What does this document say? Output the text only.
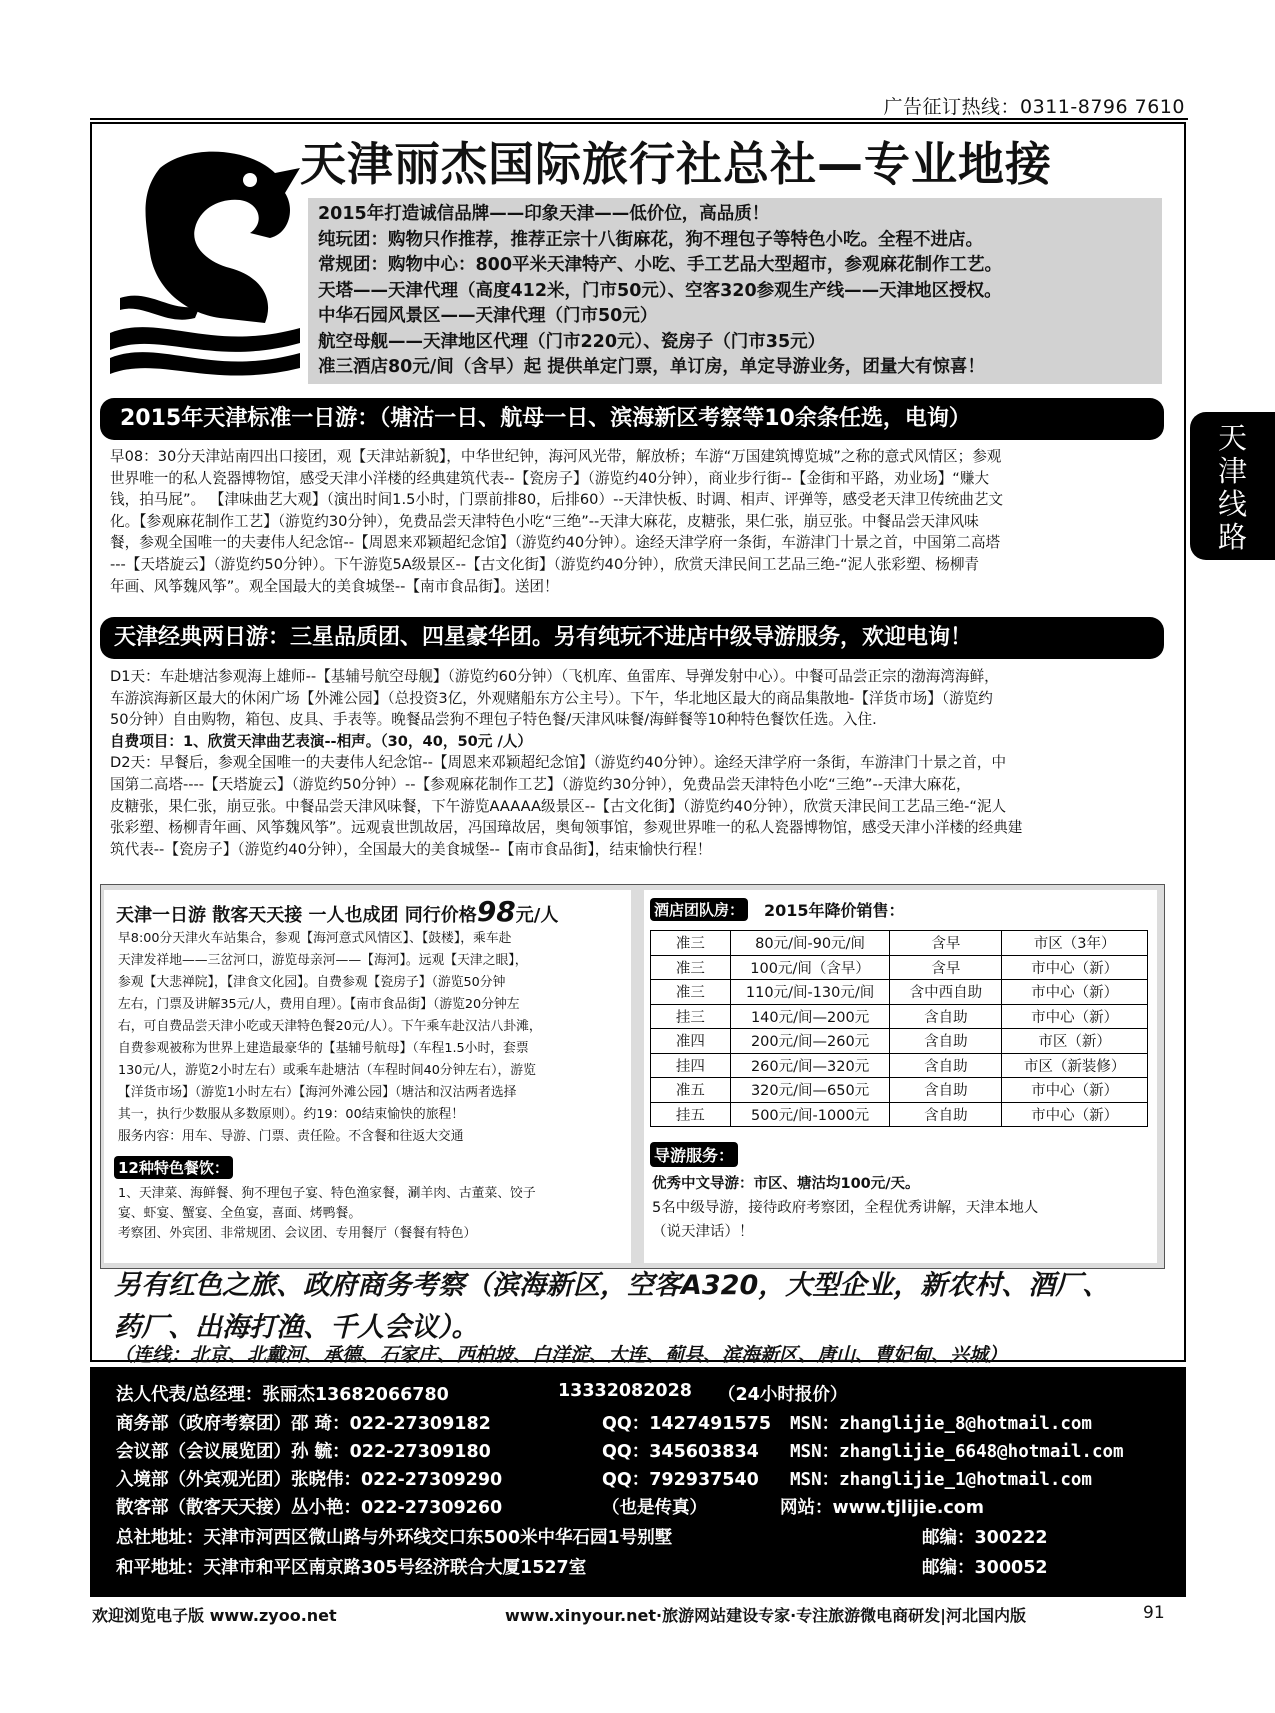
广告征订热线：0311-8796 7610
天津丽杰国际旅行社总社—专业地接
2015年打造诚信品牌——印象天津——低价位，高品质！
纯玩团：购物只作推荐，推荐正宗十八街麻花，狗不理包子等特色小吃。全程不进店。
常规团：购物中心：800平米天津特产、小吃、手工艺品大型超市，参观麻花制作工艺。
天塔——天津代理（高度412米，门市50元）、空客320参观生产线——天津地区授权。
中华石园风景区——天津代理（门市50元）
航空母舰——天津地区代理（门市220元）、瓷房子（门市35元）
准三酒店80元/间（含早）起 提供单定门票，单订房，单定导游业务，团量大有惊喜！
天津线路
2015年天津标准一日游：（塘沽一日、航母一日、滨海新区考察等10余条任选，电询）
早08：30分天津站南四出口接团，观【天津站新貌】，中华世纪钟，海河风光带，解放桥；车游“万国建筑博览城”之称的意式风情区；参观
世界唯一的私人瓷器博物馆，感受天津小洋楼的经典建筑代表--【瓷房子】（游览约40分钟），商业步行街--【金街和平路，劝业场】“赚大
钱，拍马屁”。 【津味曲艺大观】（演出时间1.5小时，门票前排80，后排60）--天津快板、时调、相声、评弹等，感受老天津卫传统曲艺文
化。【参观麻花制作工艺】（游览约30分钟），免费品尝天津特色小吃“三绝”--天津大麻花，皮糖张，果仁张，崩豆张。中餐品尝天津风味
餐，参观全国唯一的夫妻伟人纪念馆--【周恩来邓颖超纪念馆】（游览约40分钟）。途经天津学府一条街，车游津门十景之首，中国第二高塔
---【天塔旋云】（游览约50分钟）。下午游览5A级景区--【古文化街】（游览约40分钟），欣赏天津民间工艺品三绝-“泥人张彩塑、杨柳青
年画、风筝魏风筝”。观全国最大的美食城堡--【南市食品街】。送团！
天津经典两日游：三星品质团、四星豪华团。另有纯玩不进店中级导游服务，欢迎电询！
D1天：车赴塘沽参观海上雄师--【基辅号航空母舰】（游览约60分钟）（飞机库、鱼雷库、导弹发射中心）。中餐可品尝正宗的渤海湾海鲜，
车游滨海新区最大的休闲广场【外滩公园】（总投资3亿，外观赌船东方公主号）。下午，华北地区最大的商品集散地-【洋货市场】（游览约
50分钟）自由购物，箱包、皮具、手表等。晚餐品尝狗不理包子特色餐/天津风味餐/海鲜餐等10种特色餐饮任选。入住.
自费项目：1、欣赏天津曲艺表演--相声。（30，40，50元 /人）
D2天：早餐后，参观全国唯一的夫妻伟人纪念馆--【周恩来邓颖超纪念馆】（游览约40分钟）。途经天津学府一条街，车游津门十景之首，中
国第二高塔----【天塔旋云】（游览约50分钟）--【参观麻花制作工艺】（游览约30分钟），免费品尝天津特色小吃“三绝”--天津大麻花，
皮糖张，果仁张，崩豆张。中餐品尝天津风味餐，下午游览AAAAA级景区--【古文化街】（游览约40分钟），欣赏天津民间工艺品三绝-“泥人
张彩塑、杨柳青年画、风筝魏风筝”。远观袁世凯故居，冯国璋故居，奥甸领事馆，参观世界唯一的私人瓷器博物馆，感受天津小洋楼的经典建
筑代表--【瓷房子】（游览约40分钟），全国最大的美食城堡--【南市食品街】，结束愉快行程！
天津一日游 散客天天接 一人也成团 同行价格98元/人
早8:00分天津火车站集合，参观【海河意式风情区】、【鼓楼】，乘车赴
天津发祥地——三岔河口，游览母亲河——【海河】。远观【天津之眼】，
参观【大悲禅院】，【津食文化园】。自费参观【瓷房子】（游览50分钟
左右，门票及讲解35元/人，费用自理）。【南市食品街】（游览20分钟左
右，可自费品尝天津小吃或天津特色餐20元/人）。下午乘车赴汉沽八卦滩，
自费参观被称为世界上建造最豪华的【基辅号航母】（车程1.5小时，套票
130元/人，游览2小时左右）或乘车赴塘沽（车程时间40分钟左右），游览
【洋货市场】（游览1小时左右）【海河外滩公园】（塘沽和汉沽两者选择
其一，执行少数服从多数原则）。约19：00结束愉快的旅程！
服务内容：用车、导游、门票、责任险。不含餐和往返大交通
12种特色餐饮：
1、天津菜、海鲜餐、狗不理包子宴、特色渔家餐，涮羊肉、古董菜、饺子
宴、虾宴、蟹宴、全鱼宴，喜面、烤鸭餐。
考察团、外宾团、非常规团、会议团、专用餐厅（餐餐有特色）
酒店团队房： 2015年降价销售：
准三	80元/间-90元/间	含早	市区（3年）
准三	100元/间（含早）	含早	市中心（新）
准三	110元/间-130元/间	含中西自助	市中心（新）
挂三	140元/间—200元	含自助	市中心（新）
准四	200元/间—260元	含自助	市区（新）
挂四	260元/间—320元	含自助	市区（新装修）
准五	320元/间—650元	含自助	市中心（新）
挂五	500元/间-1000元	含自助	市中心（新）
导游服务：
优秀中文导游：市区、塘沽均100元/天。
5名中级导游，接待政府考察团，全程优秀讲解，天津本地人
（说天津话）！
另有红色之旅、政府商务考察（滨海新区，空客A320，大型企业，新农村、酒厂、
药厂、出海打渔、千人会议）。
（连线：北京、北戴河、承德、石家庄、西柏坡、白洋淀、大连、蓟县、滨海新区、唐山、曹妃甸、兴城）
法人代表/总经理：张丽杰13682066780	13332082028 （24小时报价）
商务部（政府考察团）邵 琦：022-27309182	QQ：1427491575 MSN：zhanglijie_8@hotmail.com
会议部（会议展览团）孙 毓：022-27309180	QQ：345603834 MSN：zhanglijie_6648@hotmail.com
入境部（外宾观光团）张晓伟：022-27309290	QQ：792937540 MSN：zhanglijie_1@hotmail.com
散客部（散客天天接）丛小艳：022-27309260	（也是传真）	网站：www.tjlijie.com
总社地址：天津市河西区微山路与外环线交口东500米中华石园1号别墅	邮编：300222
和平地址：天津市和平区南京路305号经济联合大厦1527室	邮编：300052
欢迎浏览电子版 www.zyoo.net	www.xinyour.net·旅游网站建设专家·专注旅游微电商研发|河北国内版	91
